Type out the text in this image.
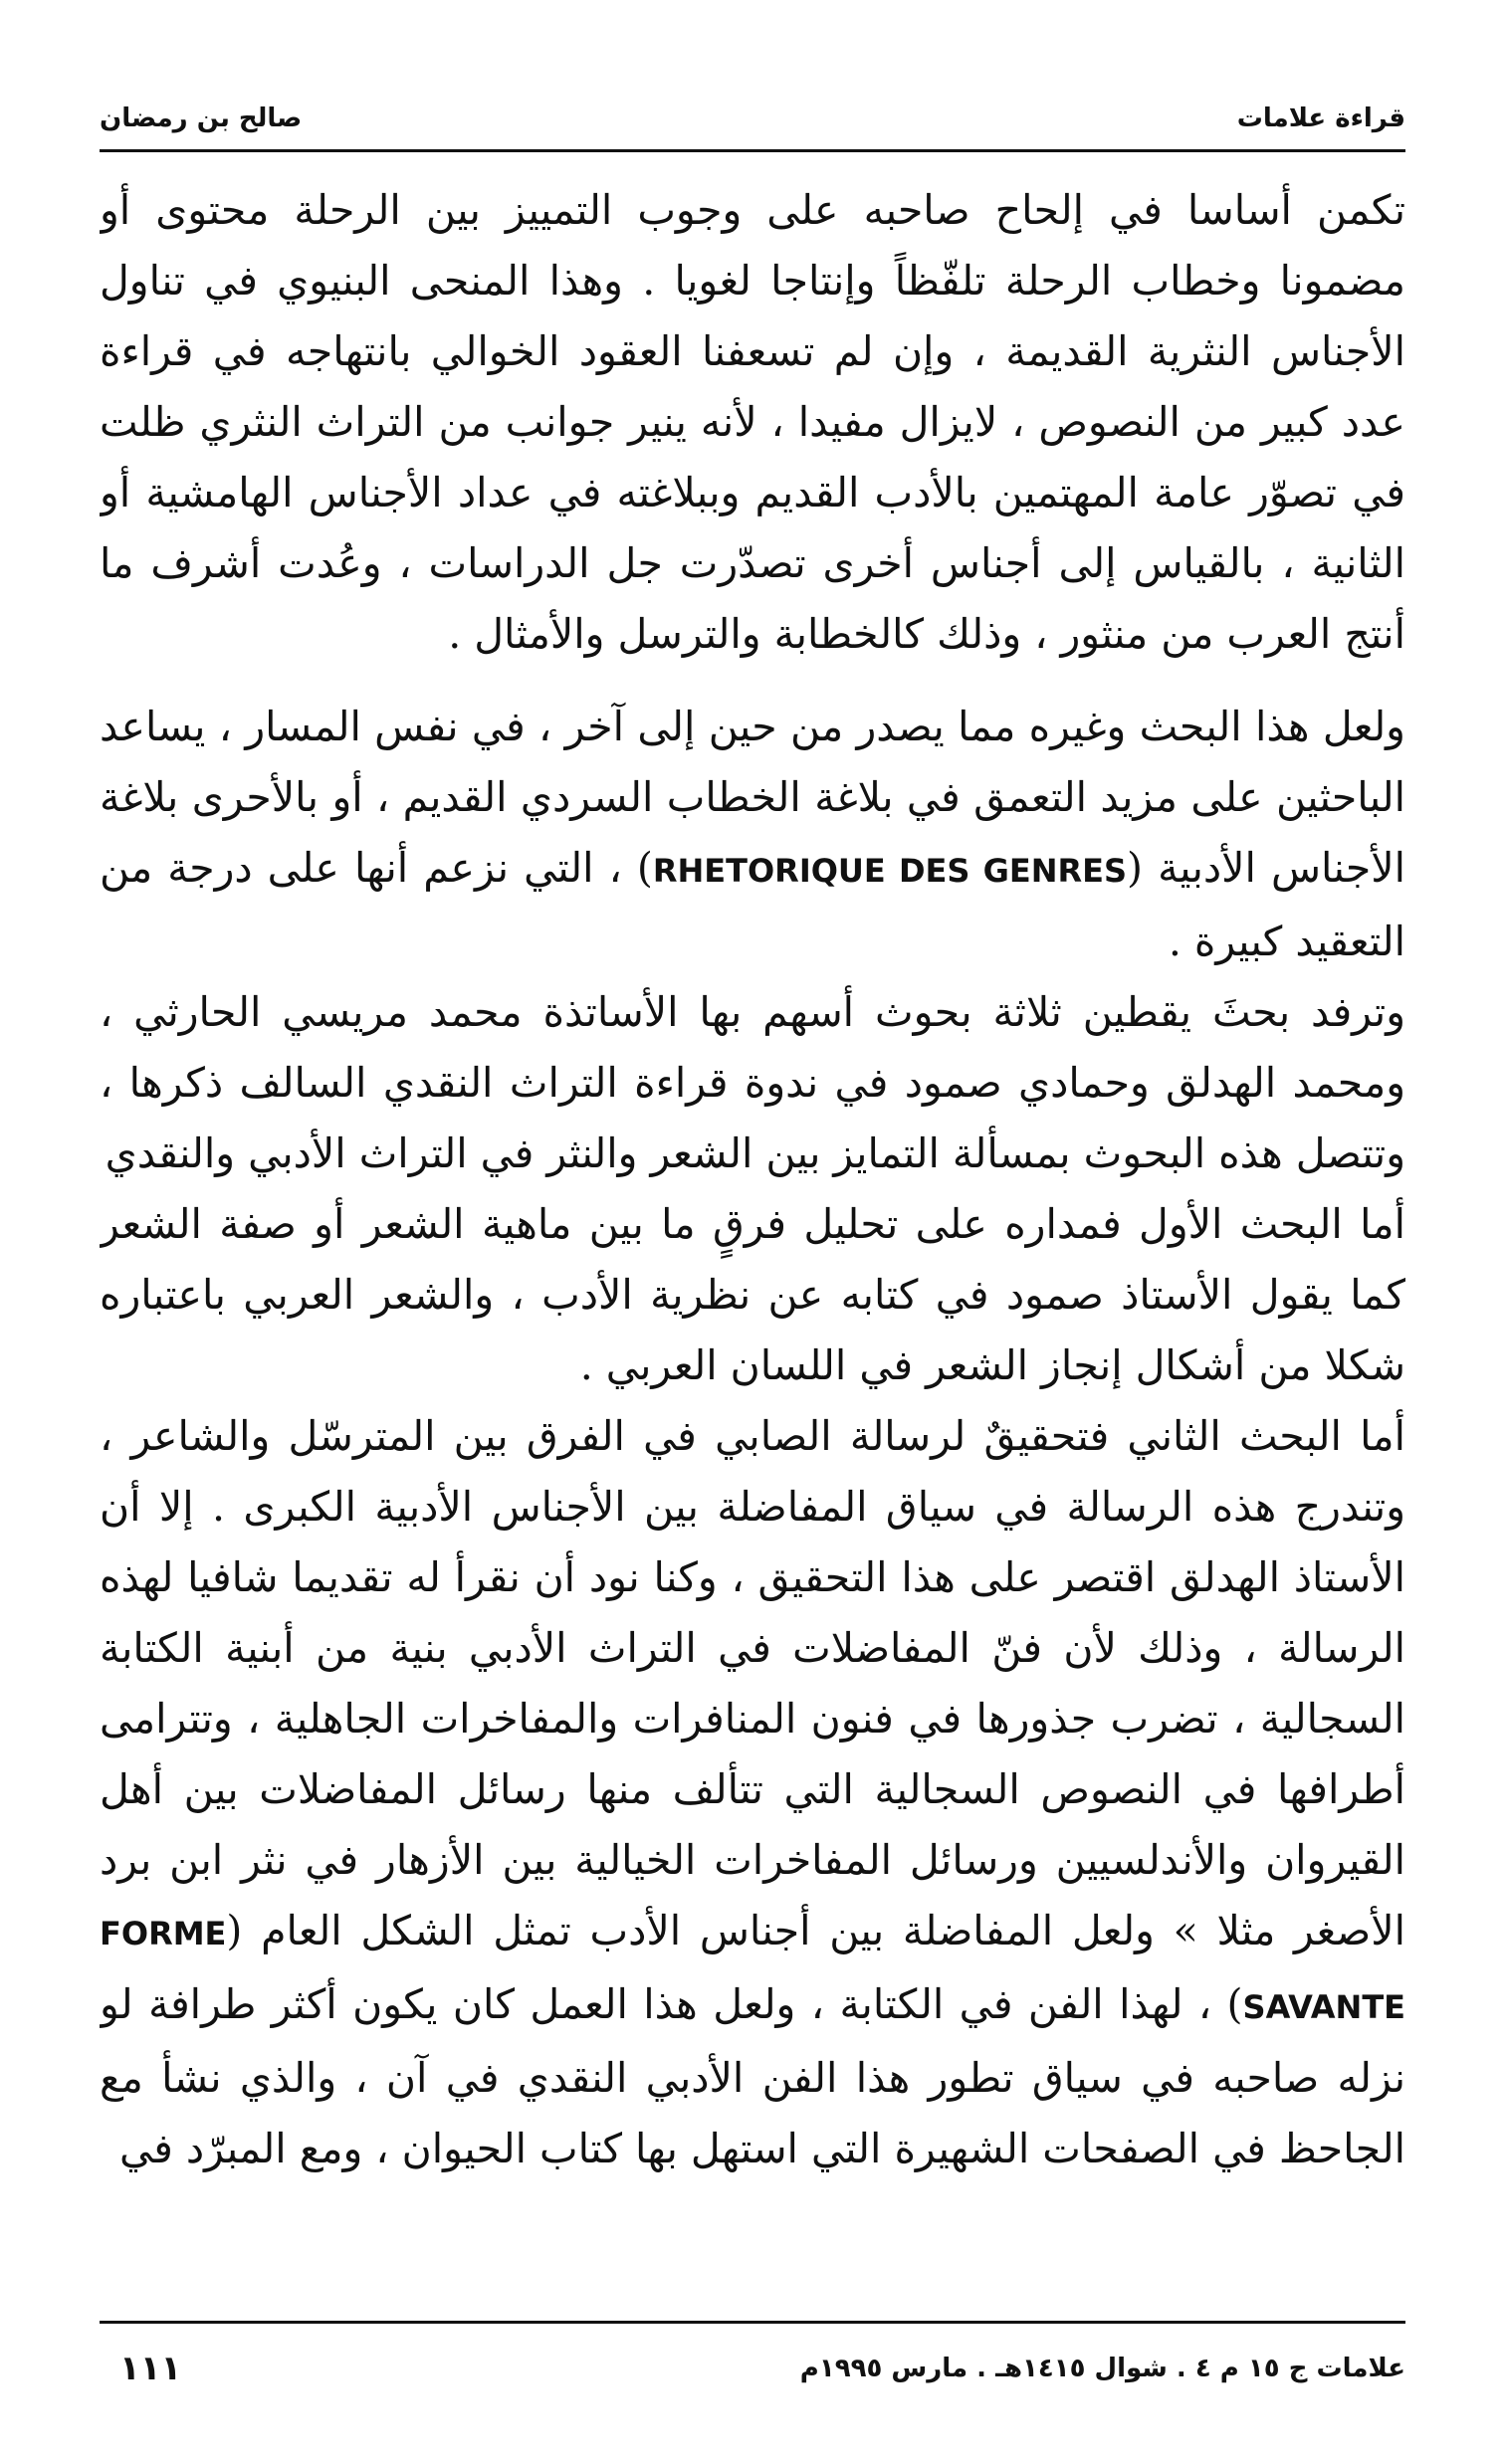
قراءة علامات
صالح بن رمضان

تكمن أساسا في إلحاح صاحبه على وجوب التمييز بين الرحلة محتوى أو مضمونا وخطاب الرحلة تلفّظاً وإنتاجا لغويا . وهذا المنحى البنيوي في تناول الأجناس النثرية القديمة ، وإن لم تسعفنا العقود الخوالي بانتهاجه في قراءة عدد كبير من النصوص ، لايزال مفيدا ، لأنه ينير جوانب من التراث النثري ظلت في تصوّر عامة المهتمين بالأدب القديم وببلاغته في عداد الأجناس الهامشية أو الثانية ، بالقياس إلى أجناس أخرى تصدّرت جل الدراسات ، وعُدت أشرف ما أنتج العرب من منثور ، وذلك كالخطابة والترسل والأمثال .

ولعل هذا البحث وغيره مما يصدر من حين إلى آخر ، في نفس المسار ، يساعد الباحثين على مزيد التعمق في بلاغة الخطاب السردي القديم ، أو بالأحرى بلاغة الأجناس الأدبية (RHETORIQUE DES GENRES) ، التي نزعم أنها على درجة من التعقيد كبيرة .

وترفد بحثَ يقطين ثلاثة بحوث أسهم بها الأساتذة محمد مريسي الحارثي ، ومحمد الهدلق وحمادي صمود في ندوة قراءة التراث النقدي السالف ذكرها ، وتتصل هذه البحوث بمسألة التمايز بين الشعر والنثر في التراث الأدبي والنقدي

أما البحث الأول فمداره على تحليل فرقٍ ما بين ماهية الشعر أو صفة الشعر كما يقول الأستاذ صمود في كتابه عن نظرية الأدب ، والشعر العربي باعتباره شكلا من أشكال إنجاز الشعر في اللسان العربي .

أما البحث الثاني فتحقيقٌ لرسالة الصابي في الفرق بين المترسّل والشاعر ، وتندرج هذه الرسالة في سياق المفاضلة بين الأجناس الأدبية الكبرى . إلا أن الأستاذ الهدلق اقتصر على هذا التحقيق ، وكنا نود أن نقرأ له تقديما شافيا لهذه الرسالة ، وذلك لأن فنّ المفاضلات في التراث الأدبي بنية من أبنية الكتابة السجالية ، تضرب جذورها في فنون المنافرات والمفاخرات الجاهلية ، وتترامى أطرافها في النصوص السجالية التي تتألف منها رسائل المفاضلات بين أهل القيروان والأندلسيين ورسائل المفاخرات الخيالية بين الأزهار في نثر ابن برد الأصغر مثلا » ولعل المفاضلة بين أجناس الأدب تمثل الشكل العام (FORME SAVANTE) ، لهذا الفن في الكتابة ، ولعل هذا العمل كان يكون أكثر طرافة لو نزله صاحبه في سياق تطور هذا الفن الأدبي النقدي في آن ، والذي نشأ مع الجاحظ في الصفحات الشهيرة التي استهل بها كتاب الحيوان ، ومع المبرّد في

علامات ج ١٥ م ٤ . شوال ١٤١٥هـ . مارس ١٩٩٥م
١١١
